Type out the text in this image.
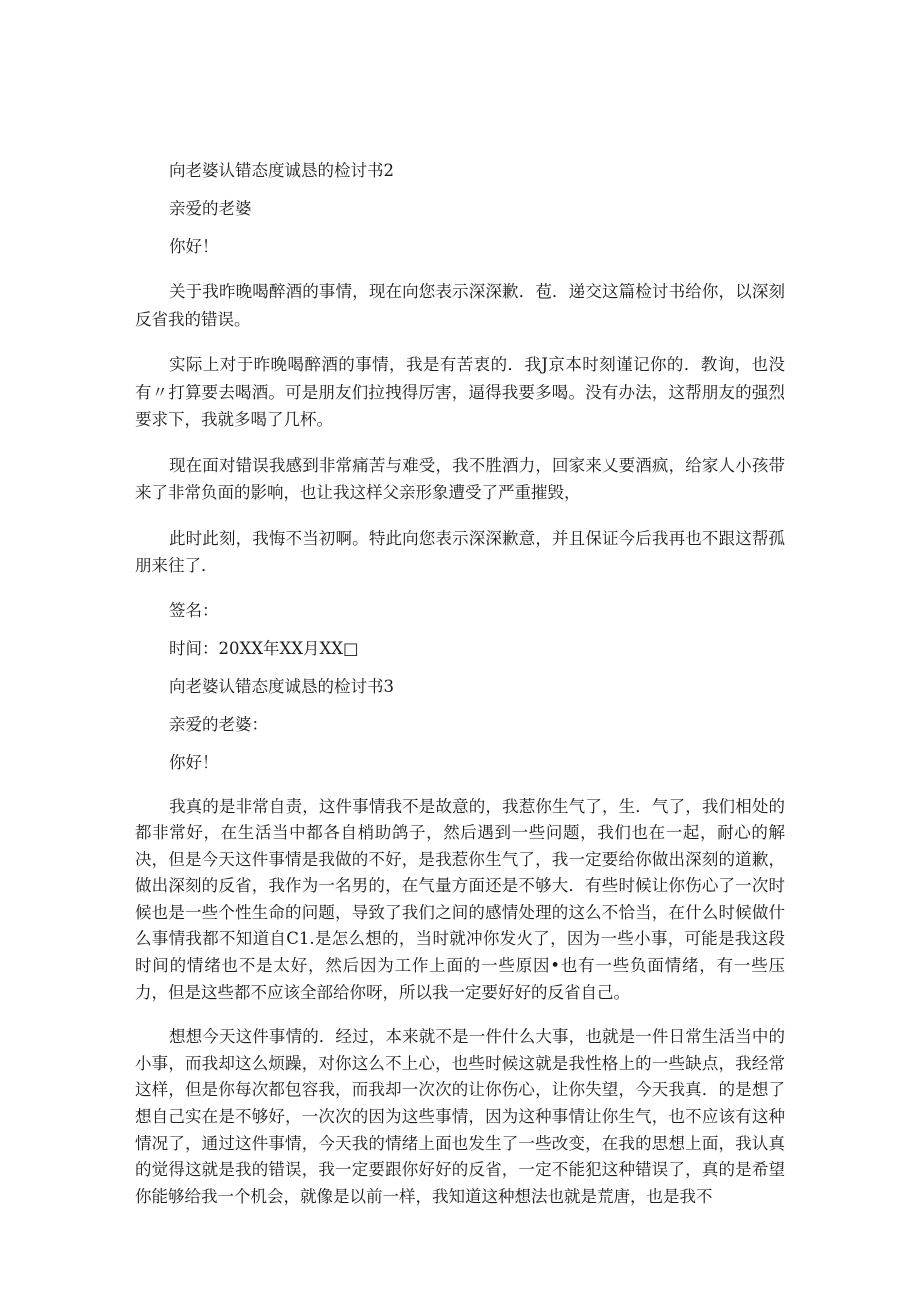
向老婆认错态度诚恳的检讨书2

亲爱的老婆

你好！

关于我昨晚喝醉酒的事情，现在向您表示深深歉．苞．递交这篇检讨书给你，以深刻反省我的错误。

实际上对于昨晚喝醉酒的事情，我是有苦衷的．我J京本时刻谨记你的．教询，也没有〃打算要去喝酒。可是朋友们拉拽得厉害，逼得我要多喝。没有办法，这帮朋友的强烈要求下，我就多喝了几杯。

现在面对错误我感到非常痛苦与难受，我不胜酒力，回家来乂要酒疯，给家人小孩带来了非常负面的影响，也让我这样父亲形象遭受了严重摧毁，

此时此刻，我悔不当初啊。特此向您表示深深歉意，并且保证今后我再也不跟这帮孤朋来往了．

签名：

时间：20XX年XX月XX□

向老婆认错态度诚恳的检讨书3

亲爱的老婆：

你好！

我真的是非常自责，这件事情我不是故意的，我惹你生气了，生．气了，我们相处的都非常好，在生活当中都各自梢助鸽子，然后遇到一些问题，我们也在一起，耐心的解决，但是今天这件事情是我做的不好，是我惹你生气了，我一定要给你做出深刻的道歉，做出深刻的反省，我作为一名男的，在气量方面还是不够大．有些时候让你伤心了一次时候也是一些个性生命的问题，导致了我们之间的感情处理的这么不恰当，在什么时候做什么事情我都不知道自C1.是怎么想的，当时就冲你发火了，因为一些小事，可能是我这段时间的情绪也不是太好，然后因为工作上面的一些原因•也有一些负面情绪，有一些压力，但是这些都不应该全部给你呀，所以我一定要好好的反省自己。

想想今天这件事情的．经过，本来就不是一件什么大事，也就是一件日常生活当中的小事，而我却这么烦躁，对你这么不上心，也些时候这就是我性格上的一些缺点，我经常这样，但是你每次都包容我，而我却一次次的让你伤心，让你失望，今天我真．的是想了想自己实在是不够好，一次次的因为这些事情，因为这种事情让你生气，也不应该有这种情况了，通过这件事情，今天我的情绪上面也发生了一些改变，在我的思想上面，我认真的觉得这就是我的错误，我一定要跟你好好的反省，一定不能犯这种错误了，真的是希望你能够给我一个机会，就像是以前一样，我知道这种想法也就是荒唐，也是我不
